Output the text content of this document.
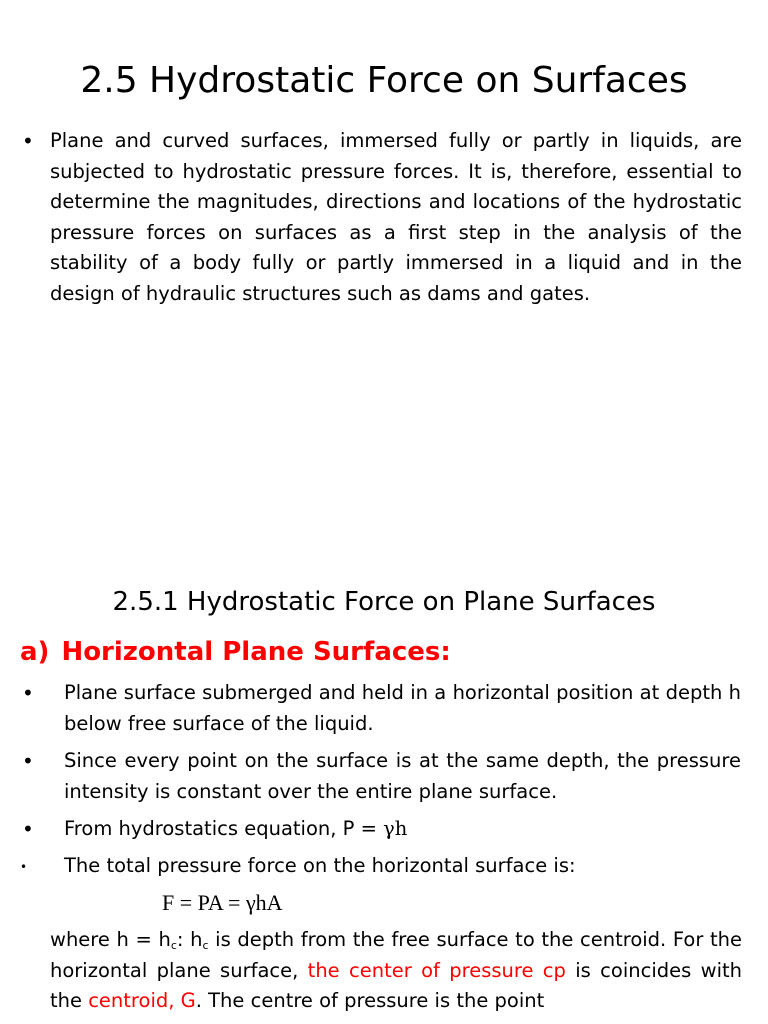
2.5 Hydrostatic Force on Surfaces
• Plane and curved surfaces, immersed fully or partly in liquids, are subjected to hydrostatic pressure forces. It is, therefore, essential to determine the magnitudes, directions and locations of the hydrostatic pressure forces on surfaces as a first step in the analysis of the stability of a body fully or partly immersed in a liquid and in the design of hydraulic structures such as dams and gates.
2.5.1 Hydrostatic Force on Plane Surfaces
a) Horizontal Plane Surfaces:
• Plane surface submerged and held in a horizontal position at depth h below free surface of the liquid.
• Since every point on the surface is at the same depth, the pressure intensity is constant over the entire plane surface.
• From hydrostatics equation, P = γh
• The total pressure force on the horizontal surface is:
F = PA = γhA
where $h = h_c$: $h_c$ is depth from the free surface to the centroid. For the horizontal plane surface, the center of pressure cp is coincides with the centroid, G. The centre of pressure is the point
